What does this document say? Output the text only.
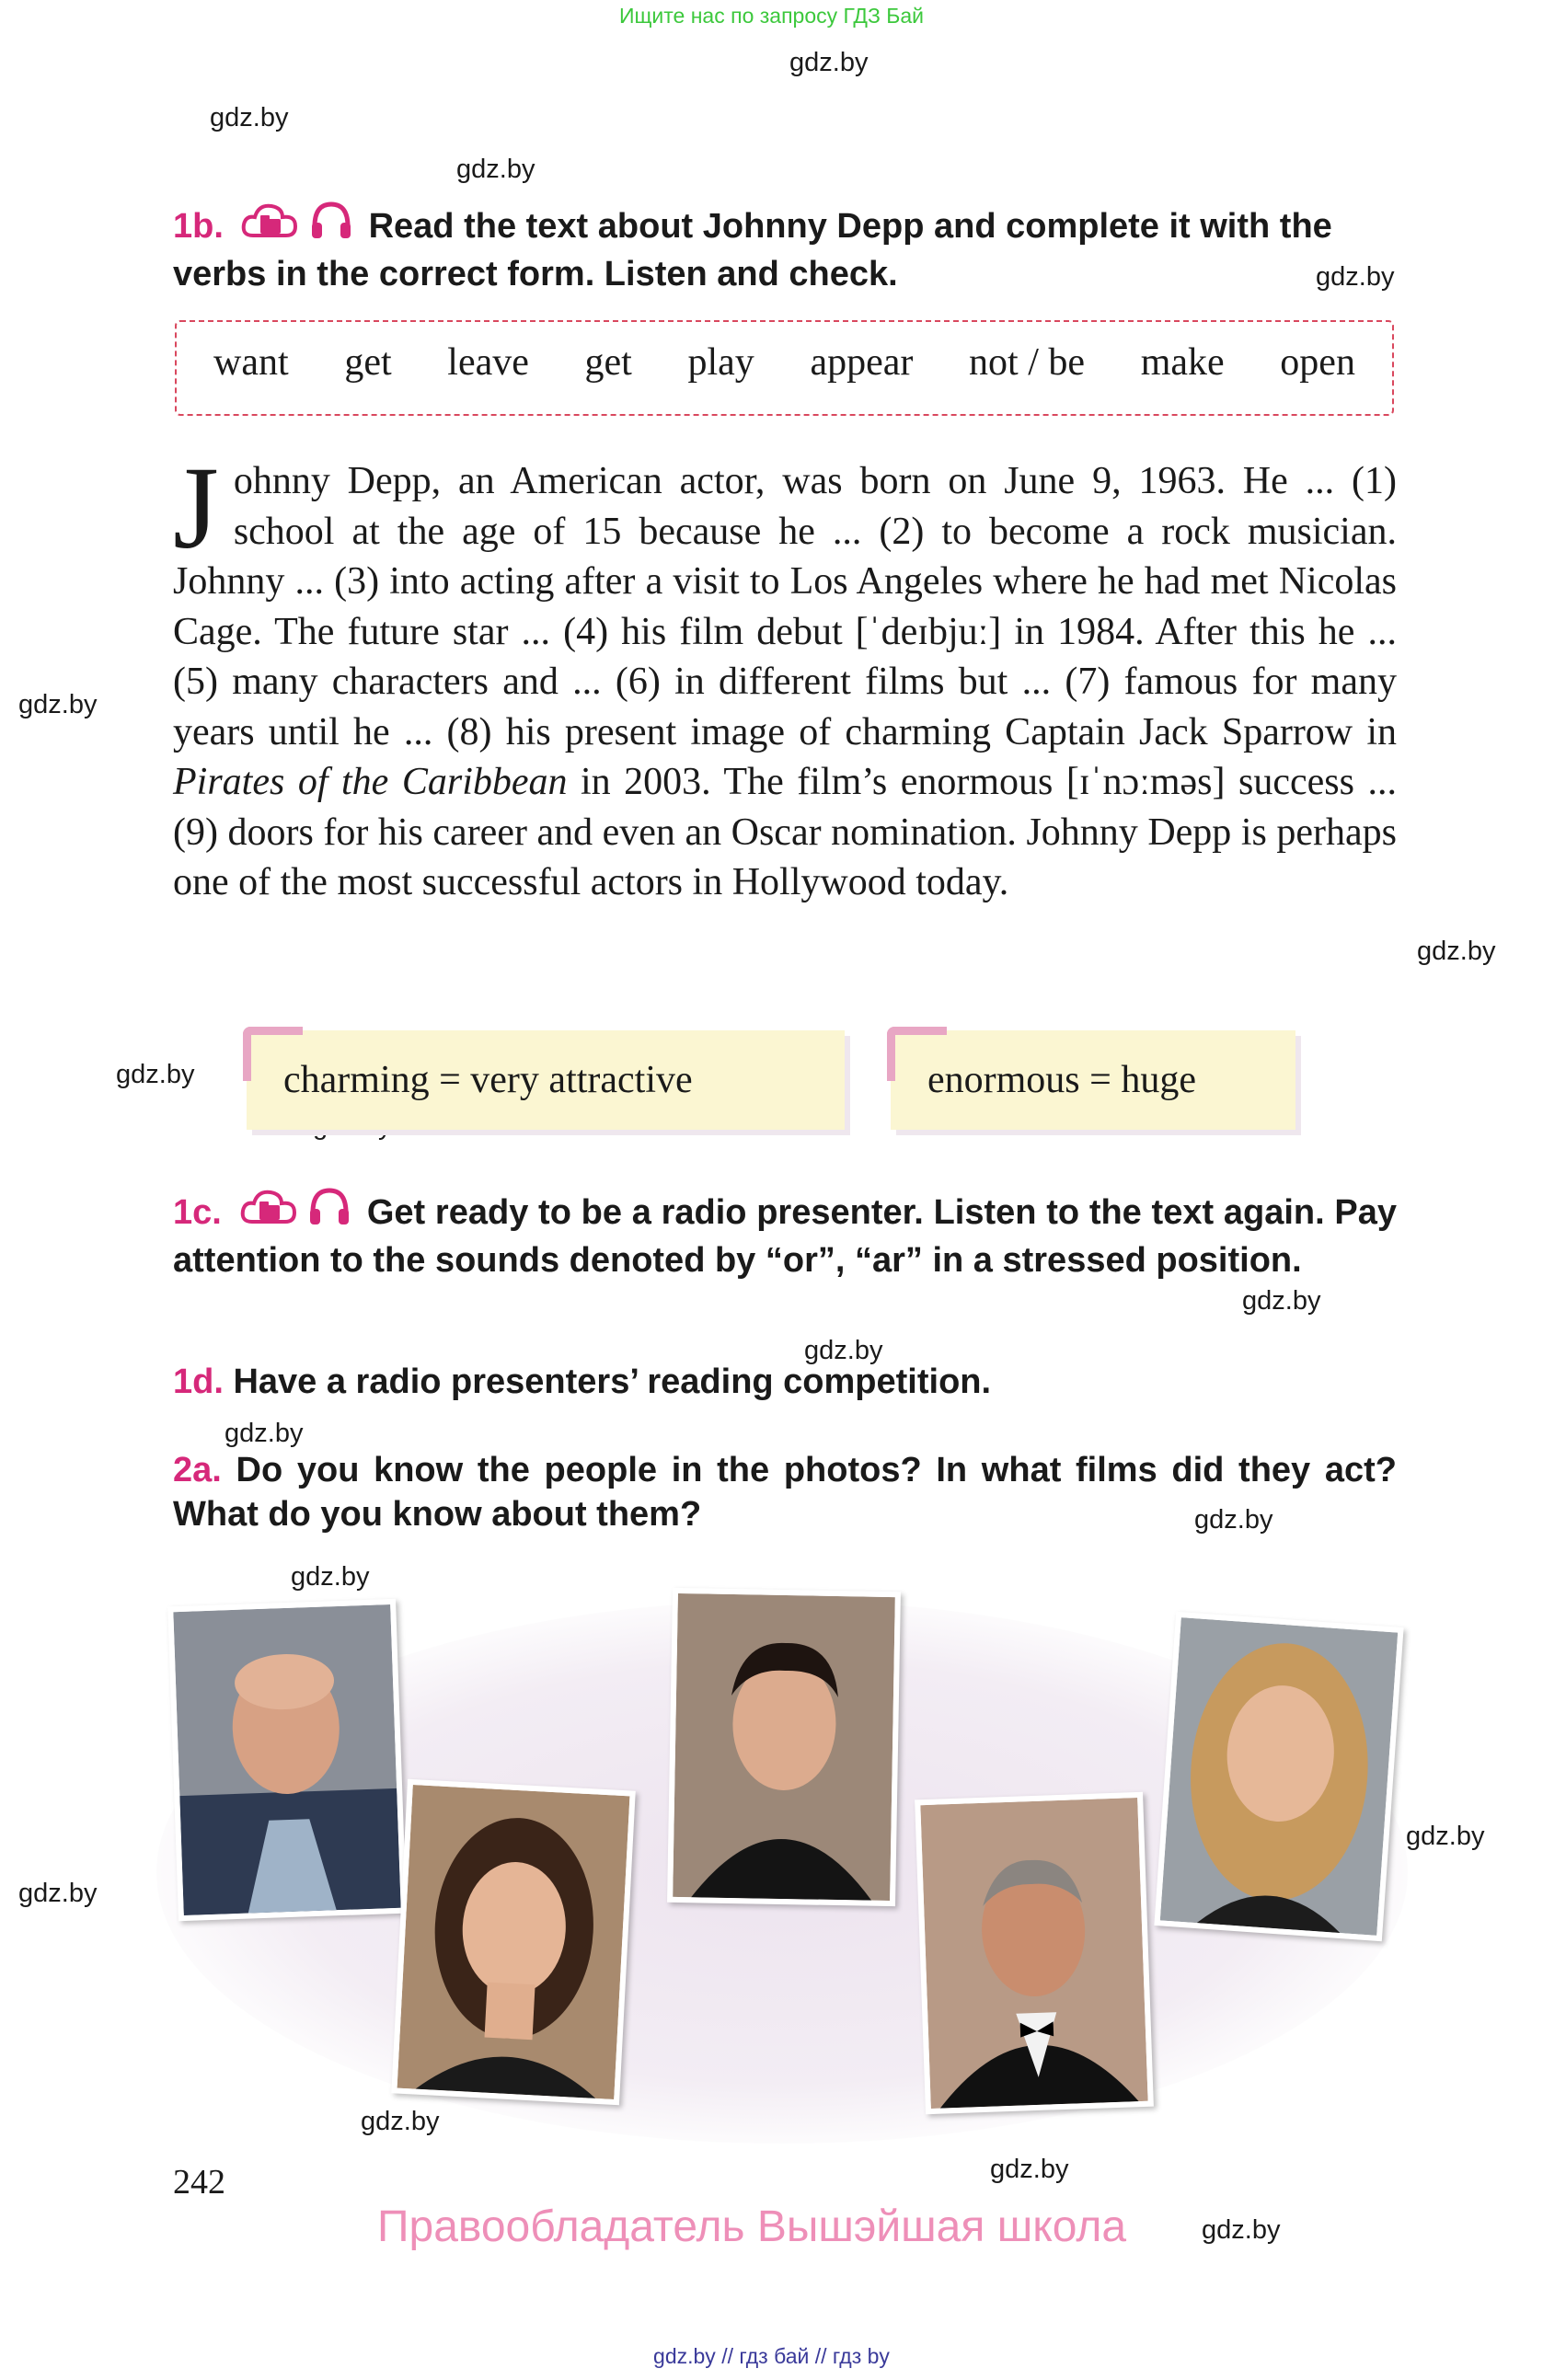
Ищите нас по запросу ГДЗ Бай
gdz.by
gdz.by
gdz.by
gdz.by
gdz.by
gdz.by
gdz.by
gdz.by
gdz.by
gdz.by
gdz.by
gdz.by
gdz.by
gdz.by
gdz.by
gdz.by
gdz.by
1b.	Read the text about Johnny Depp and complete it with the verbs in the correct form. Listen and check.
want get leave get play appear not / be make open

Johnny Depp, an American actor, was born on June 9, 1963. He ... (1) school at the age of 15 because he ... (2) to become a rock musician. Johnny ... (3) into acting after a visit to Los Angeles where he had met Nicolas Cage. The future star ... (4) his film debut [ˈdeɪbjuː] in 1984. After this he ... (5) many characters and ... (6) in different films but ... (7) famous for many years until he ... (8) his present image of charming Captain Jack Sparrow in Pirates of the Caribbean in 2003. The film’s enormous [ɪˈnɔːməs] success ... (9) doors for his career and even an Oscar nomination. Johnny Depp is perhaps one of the most successful actors in Hollywood today.

charming = very attractive	enormous = huge
1c.	Get ready to be a radio presenter. Listen to the text again. Pay attention to the sounds denoted by “or”, “ar” in a stressed position.
1d. Have a radio presenters’ reading competition.
2a. Do you know the people in the photos? In what films did they act? What do you know about them?
242
Правообладатель Вышэйшая школа
gdz.by // гдз бай // гдз by
